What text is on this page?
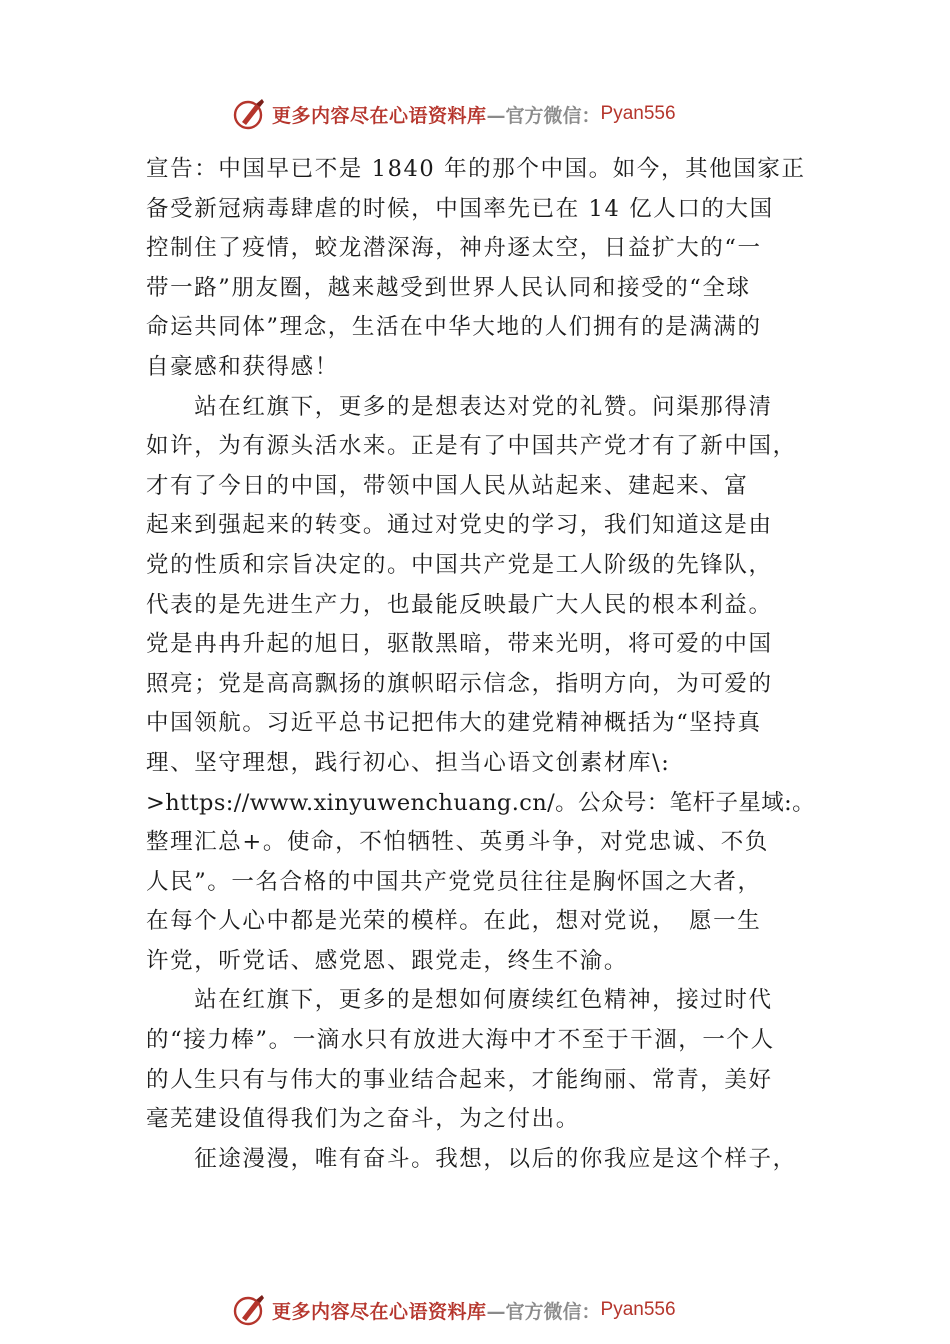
更多内容尽在心语资料库 —官方微信： Pyan556
宣告：中国早已不是 1840 年的那个中国。如今，其他国家正
备受新冠病毒肆虐的时候，中国率先已在 14 亿人口的大国
控制住了疫情，蛟龙潜深海，神舟逐太空，日益扩大的“一
带一路”朋友圈，越来越受到世界人民认同和接受的“全球
命运共同体”理念，生活在中华大地的人们拥有的是满满的
自豪感和获得感！
　　站在红旗下，更多的是想表达对党的礼赞。问渠那得清
如许，为有源头活水来。正是有了中国共产党才有了新中国，
才有了今日的中国，带领中国人民从站起来、建起来、富
起来到强起来的转变。通过对党史的学习，我们知道这是由
党的性质和宗旨决定的。中国共产党是工人阶级的先锋队，
代表的是先进生产力，也最能反映最广大人民的根本利益。
党是冉冉升起的旭日，驱散黑暗，带来光明，将可爱的中国
照亮；党是高高飘扬的旗帜昭示信念，指明方向，为可爱的
中国领航。习近平总书记把伟大的建党精神概括为“坚持真
理、坚守理想，践行初心、担当心语文创素材库\:
>https://www.xinyuwenchuang.cn/。公众号：笔杆子星域:。
整理汇总+。使命，不怕牺牲、英勇斗争，对党忠诚、不负
人民”。一名合格的中国共产党党员往往是胸怀国之大者，
在每个人心中都是光荣的模样。在此，想对党说，　愿一生
许党，听党话、感党恩、跟党走，终生不渝。
　　站在红旗下，更多的是想如何赓续红色精神，接过时代
的“接力棒”。一滴水只有放进大海中才不至于干涸，一个人
的人生只有与伟大的事业结合起来，才能绚丽、常青，美好
毫芜建设值得我们为之奋斗，为之付出。
　　征途漫漫，唯有奋斗。我想，以后的你我应是这个样子，
更多内容尽在心语资料库 —官方微信： Pyan556
